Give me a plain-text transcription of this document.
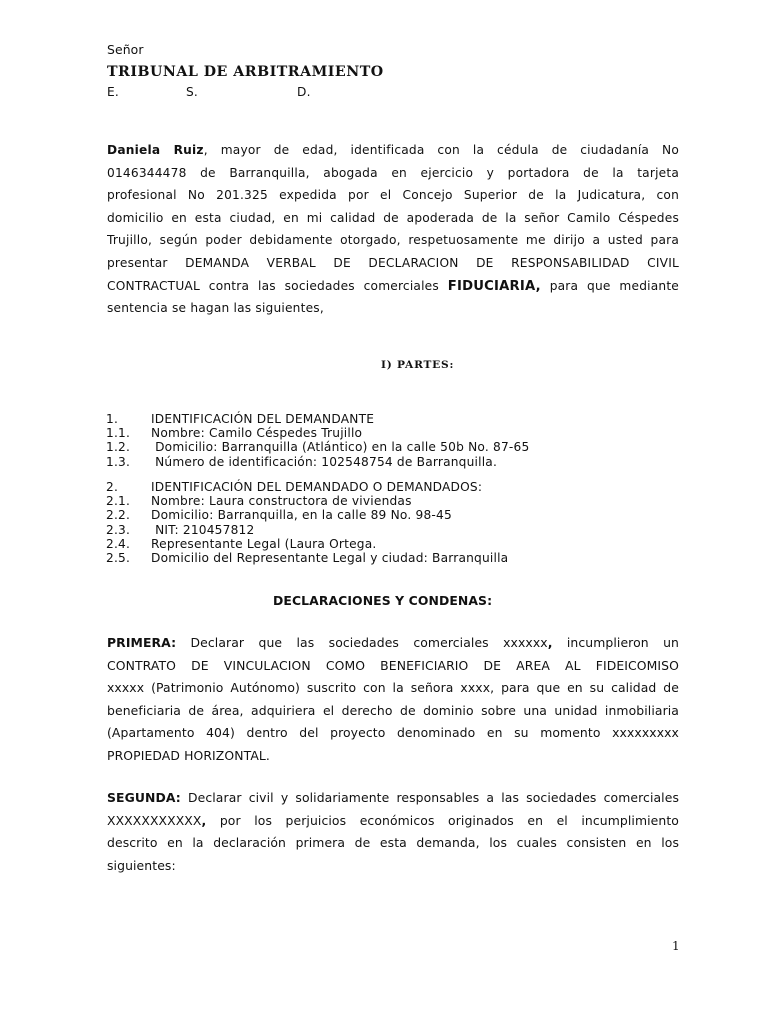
Señor
TRIBUNAL DE ARBITRAMIENTO
E.	S.	D.
Daniela Ruiz, mayor de edad, identificada con la cédula de ciudadanía No
0146344478 de Barranquilla, abogada en ejercicio y portadora de la tarjeta
profesional No 201.325 expedida por el Concejo Superior de la Judicatura, con
domicilio en esta ciudad, en mi calidad de apoderada de la señor Camilo Céspedes
Trujillo, según poder debidamente otorgado, respetuosamente me dirijo a usted para
presentar DEMANDA VERBAL DE DECLARACION DE RESPONSABILIDAD CIVIL
CONTRACTUAL contra las sociedades comerciales FIDUCIARIA, para que mediante
sentencia se hagan las siguientes,
I) PARTES:
1.	IDENTIFICACIÓN DEL DEMANDANTE
1.1.	Nombre: Camilo Céspedes Trujillo
1.2.	Domicilio: Barranquilla (Atlántico) en la calle 50b No. 87-65
1.3.	Número de identificación: 102548754 de Barranquilla.
2.	IDENTIFICACIÓN DEL DEMANDADO O DEMANDADOS:
2.1.	Nombre: Laura constructora de viviendas
2.2.	Domicilio: Barranquilla, en la calle 89 No. 98-45
2.3.	NIT: 210457812
2.4.	Representante Legal (Laura Ortega.
2.5.	Domicilio del Representante Legal y ciudad: Barranquilla
DECLARACIONES Y CONDENAS:
PRIMERA: Declarar que las sociedades comerciales xxxxxx, incumplieron un
CONTRATO DE VINCULACION COMO BENEFICIARIO DE AREA AL FIDEICOMISO
xxxxx (Patrimonio Autónomo) suscrito con la señora xxxx, para que en su calidad de
beneficiaria de área, adquiriera el derecho de dominio sobre una unidad inmobiliaria
(Apartamento 404) dentro del proyecto denominado en su momento xxxxxxxxx
PROPIEDAD HORIZONTAL.
SEGUNDA: Declarar civil y solidariamente responsables a las sociedades comerciales
XXXXXXXXXXX, por los perjuicios económicos originados en el incumplimiento
descrito en la declaración primera de esta demanda, los cuales consisten en los
siguientes:
1
